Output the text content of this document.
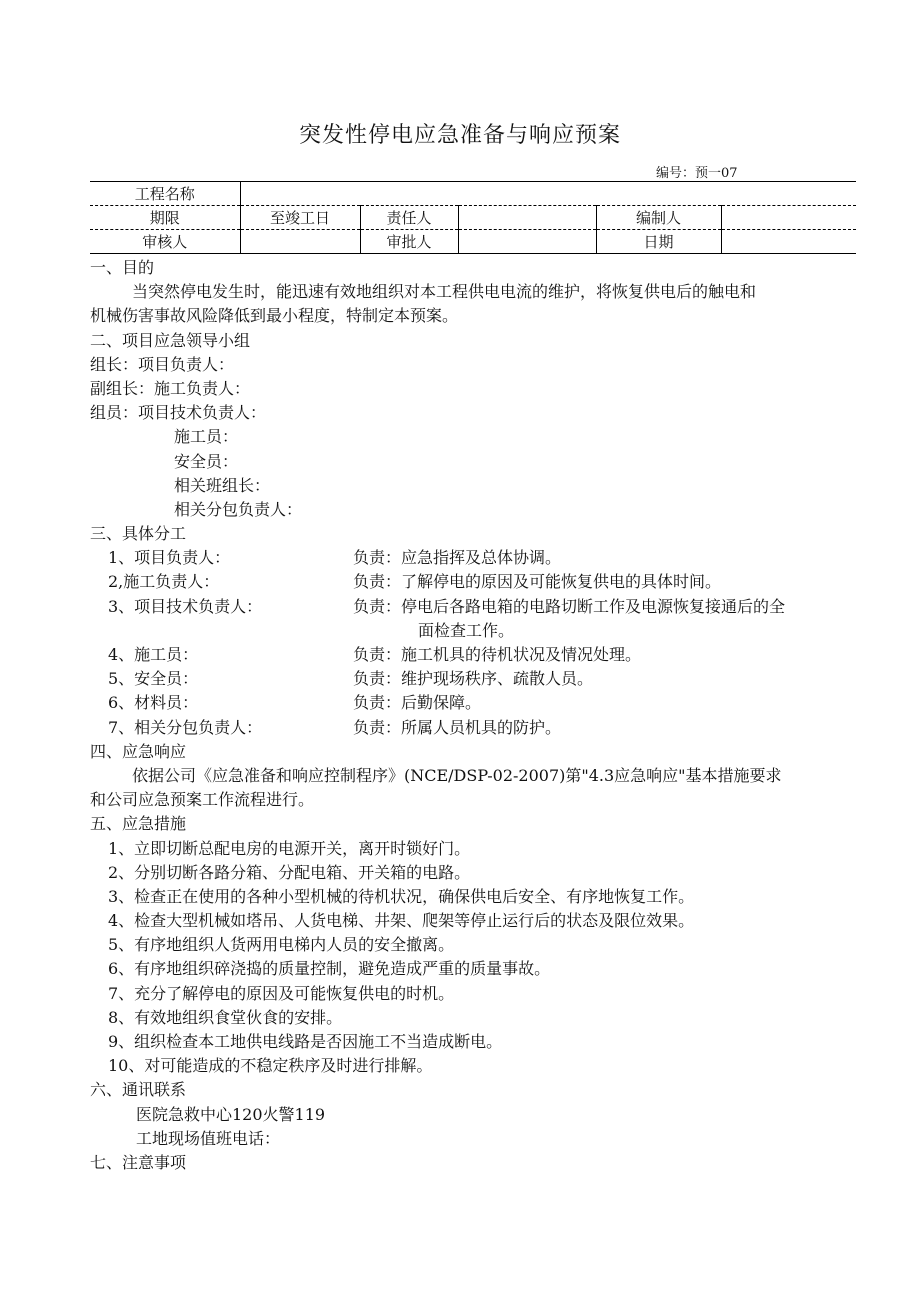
突发性停电应急准备与响应预案
编号：预一07
工程名称					
期限	至竣工日	责任人		编制人	
审核人		审批人		日期	
一、目的
当突然停电发生时，能迅速有效地组织对本工程供电电流的维护，将恢复供电后的触电和
机械伤害事故风险降低到最小程度，特制定本预案。
二、项目应急领导小组
组长：项目负责人：
副组长：施工负责人：
组员：项目技术负责人：
施工员：
安全员：
相关班组长：
相关分包负责人：
三、具体分工
1、项目负责人：	负责：应急指挥及总体协调。
2,施工负责人：	负责：了解停电的原因及可能恢复供电的具体时间。
3、项目技术负责人：	负责：停电后各路电箱的电路切断工作及电源恢复接通后的全
面检查工作。
4、施工员：	负责：施工机具的待机状况及情况处理。
5、安全员：	负责：维护现场秩序、疏散人员。
6、材料员：	负责：后勤保障。
7、相关分包负责人：	负责：所属人员机具的防护。
四、应急响应
依据公司《应急准备和响应控制程序》(NCE/DSP-02-2007)第"4.3应急响应"基本措施要求
和公司应急预案工作流程进行。
五、应急措施
1、立即切断总配电房的电源开关，离开时锁好门。
2、分别切断各路分箱、分配电箱、开关箱的电路。
3、检查正在使用的各种小型机械的待机状况，确保供电后安全、有序地恢复工作。
4、检查大型机械如塔吊、人货电梯、井架、爬架等停止运行后的状态及限位效果。
5、有序地组织人货两用电梯内人员的安全撤离。
6、有序地组织碎浇捣的质量控制，避免造成严重的质量事故。
7、充分了解停电的原因及可能恢复供电的时机。
8、有效地组织食堂伙食的安排。
9、组织检查本工地供电线路是否因施工不当造成断电。
10、对可能造成的不稳定秩序及时进行排解。
六、通讯联系
医院急救中心120火警119
工地现场值班电话：
七、注意事项
